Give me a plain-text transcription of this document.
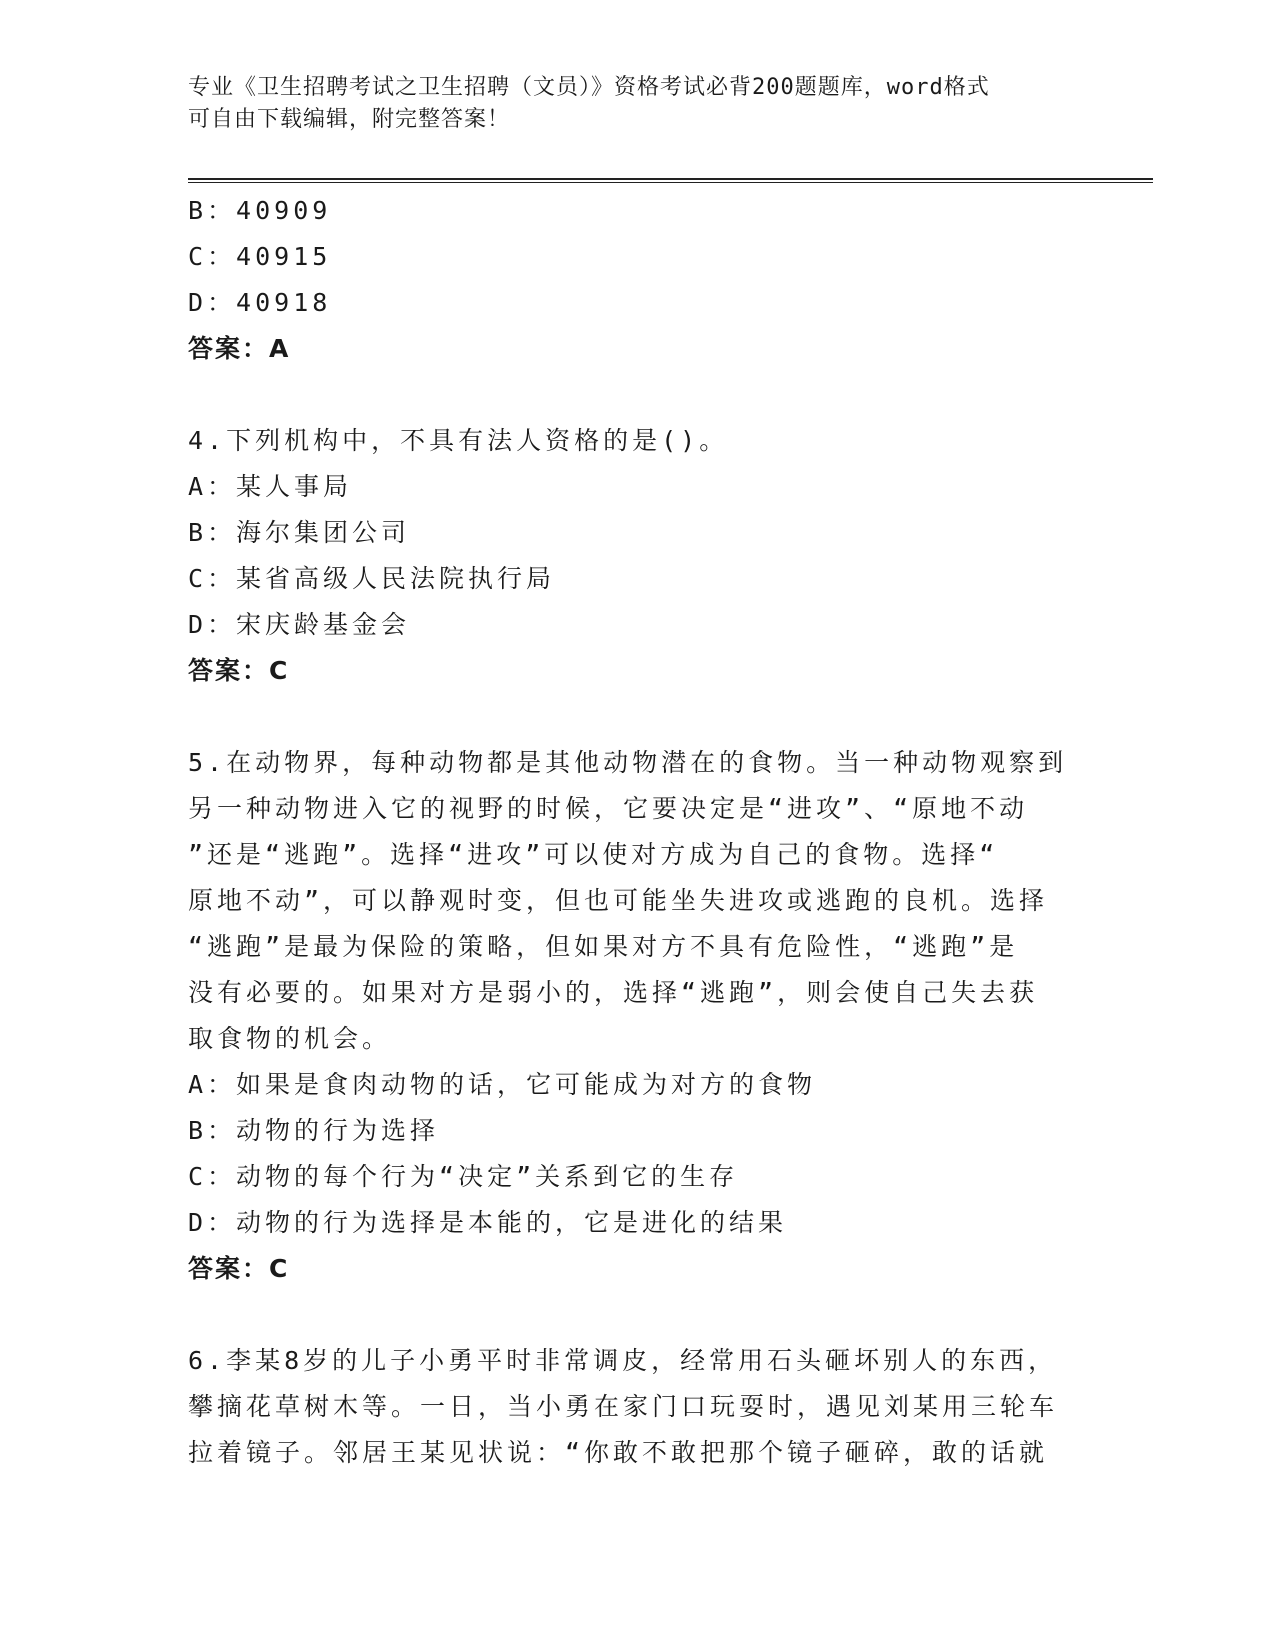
专业《卫生招聘考试之卫生招聘（文员）》资格考试必背200题题库，word格式
可自由下载编辑，附完整答案！
B：40909
C：40915
D：40918
答案：A
4.下列机构中，不具有法人资格的是()。
A：某人事局
B：海尔集团公司
C：某省高级人民法院执行局
D：宋庆龄基金会
答案：C
5.在动物界，每种动物都是其他动物潜在的食物。当一种动物观察到
另一种动物进入它的视野的时候，它要决定是“进攻”、“原地不动
”还是“逃跑”。选择“进攻”可以使对方成为自己的食物。选择“
原地不动”，可以静观时变，但也可能坐失进攻或逃跑的良机。选择
“逃跑”是最为保险的策略，但如果对方不具有危险性，“逃跑”是
没有必要的。如果对方是弱小的，选择“逃跑”，则会使自己失去获
取食物的机会。
A：如果是食肉动物的话，它可能成为对方的食物
B：动物的行为选择
C：动物的每个行为“决定”关系到它的生存
D：动物的行为选择是本能的，它是进化的结果
答案：C
6.李某8岁的儿子小勇平时非常调皮，经常用石头砸坏别人的东西，
攀摘花草树木等。一日，当小勇在家门口玩耍时，遇见刘某用三轮车
拉着镜子。邻居王某见状说：“你敢不敢把那个镜子砸碎，敢的话就
